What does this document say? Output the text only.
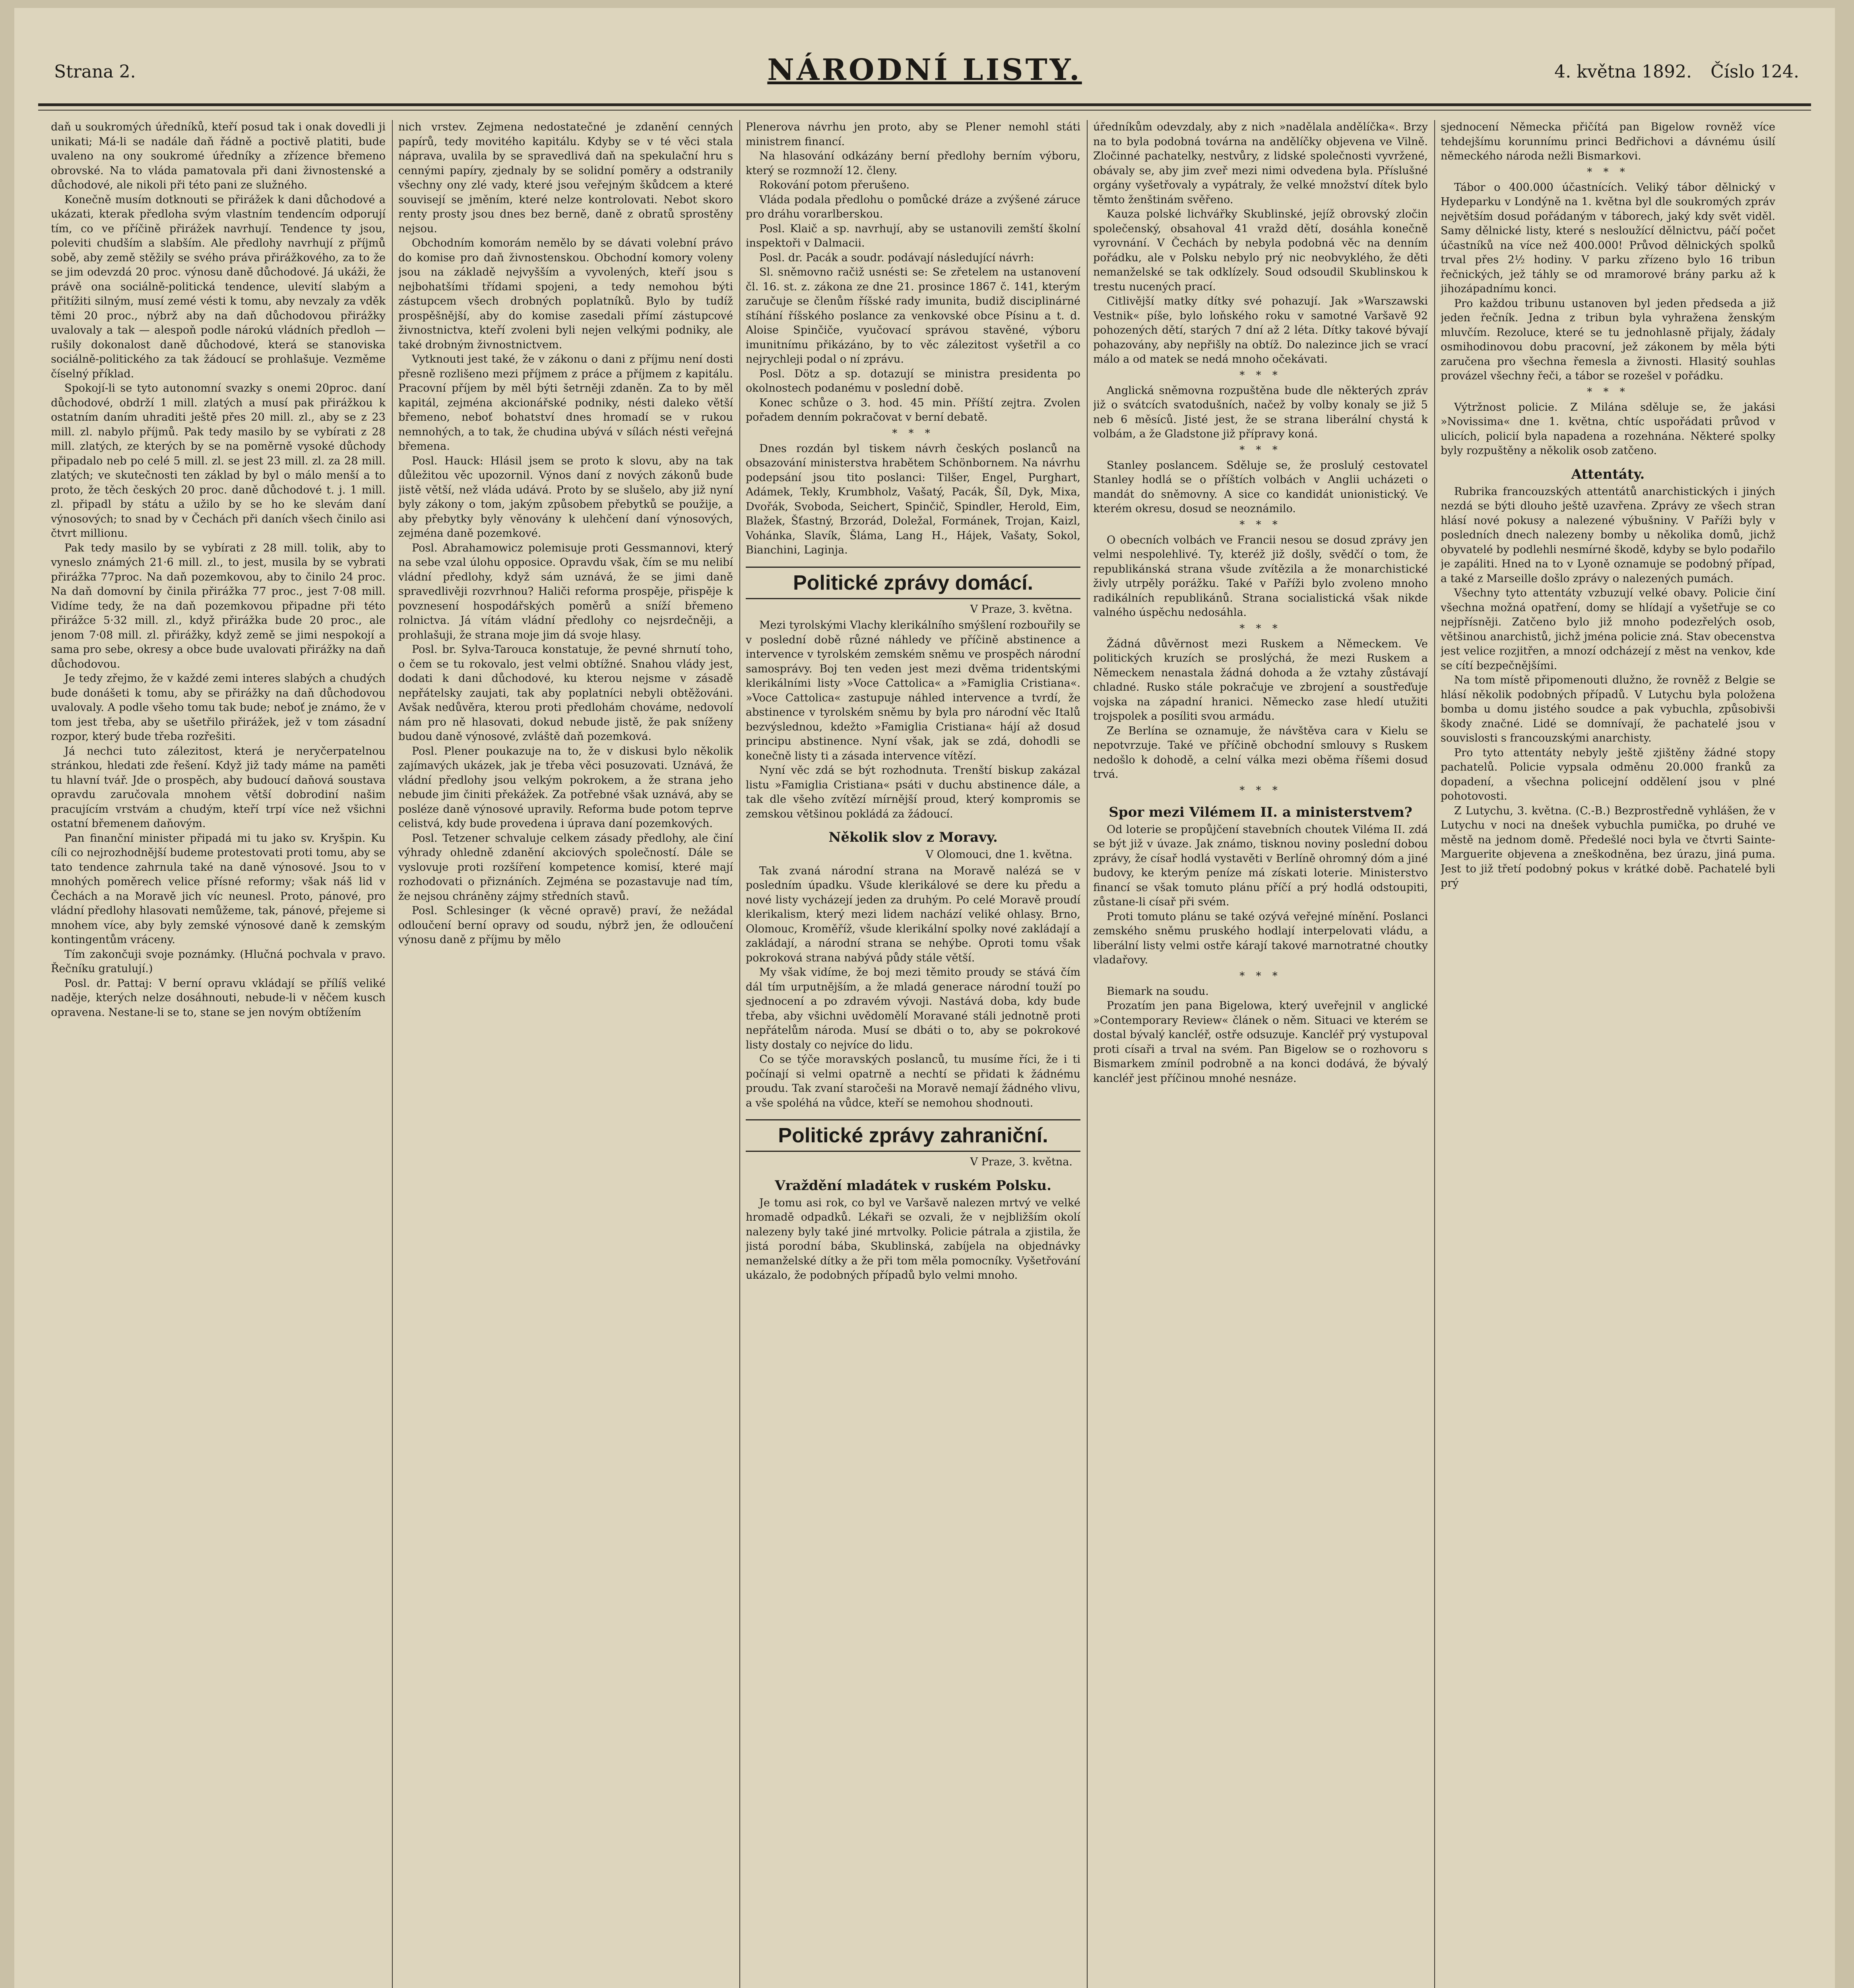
Strana 2.	NÁRODNÍ LISTY.	4. května 1892. Číslo 124.

daň u soukromých úředníků, kteří posud tak i onak dovedli ji unikati; Má-li se nadále daň řádně a poctivě platiti, bude uvaleno na ony soukromé úředníky a zřízence břemeno obrovské. Na to vláda pamatovala při dani živnostenské a důchodové, ale nikoli při této pani ze služného.

Konečně musím dotknouti se přirážek k dani důchodové a ukázati, kterak předloha svým vlastním tendencím odporují tím, co ve příčině přirážek navrhují. Tendence ty jsou, poleviti chudším a slabším. Ale předlohy navrhují z příjmů sobě, aby země stěžily se svého práva přirážkového, za to že se jim odevzdá 20 proc. výnosu daně důchodové. Já ukáži, že právě ona sociálně-politická tendence, ulevití slabým a přitížiti silným, musí zemé vésti k tomu, aby nevzaly za vděk těmi 20 proc., nýbrž aby na daň důchodovou přirážky uvalovaly a tak — alespoň podle nárokú vládních předloh — rušily dokonalost daně důchodové, která se stanoviska sociálně-politického za tak žádoucí se prohlašuje. Vezměme číselný příklad.

Spokojí-li se tyto autonomní svazky s onemi 20proc. daní důchodové, obdrží 1 mill. zlatých a musí pak přirážkou k ostatním daním uhraditi ještě přes 20 mill. zl., aby se z 23 mill. zl. nabylo příjmů. Pak tedy masilo by se vybírati z 28 mill. zlatých, ze kterých by se na poměrně vysoké důchody připadalo neb po celé 5 mill. zl. se jest 23 mill. zl. za 28 mill. zlatých; ve skutečnosti ten základ by byl o málo menší a to proto, že těch českých 20 proc. daně důchodové t. j. 1 mill. zl. připadl by státu a užilo by se ho ke slevám daní výnosových; to snad by v Čechách při daních všech činilo asi čtvrt millionu.

Pak tedy masilo by se vybírati z 28 mill. tolik, aby to vyneslo známých 21·6 mill. zl., to jest, musila by se vybrati přirážka 77proc. Na daň pozemkovou, aby to činilo 24 proc. Na daň domovní by činila přirážka 77 proc., jest 7·08 mill. Vidíme tedy, že na daň pozemkovou připadne při této přirážce 5·32 mill. zl., když přirážka bude 20 proc., ale jenom 7·08 mill. zl. přirážky, když země se jimi nespokojí a sama pro sebe, okresy a obce bude uvalovati přirážky na daň důchodovou.

Je tedy zřejmo, že v každé zemi interes slabých a chudých bude donášeti k tomu, aby se přirážky na daň důchodovou uvalovaly. A podle všeho tomu tak bude; neboť je známo, že v tom jest třeba, aby se ušetřilo přirážek, jež v tom zásadní rozpor, který bude třeba rozřešiti.

Já nechci tuto zálezitost, která je neryčerpatelnou stránkou, hledati zde řešení. Když již tady máme na paměti tu hlavní tvář. Jde o prospěch, aby budoucí daňová soustava opravdu zaručovala mnohem větší dobrodiní našim pracujícím vrstvám a chudým, kteří trpí více než všichni ostatní břemenem daňovým.

Pan finanční minister připadá mi tu jako sv. Kryšpin. Ku cíli co nejrozhodnější budeme protestovati proti tomu, aby se tato tendence zahrnula také na daně výnosové. Jsou to v mnohých poměrech velice přísné reformy; však náš lid v Čechách a na Moravě jich víc neunesl. Proto, pánové, pro vládní předlohy hlasovati nemůžeme, tak, pánové, přejeme si mnohem více, aby byly zemské výnosové daně k zemským kontingentům vráceny.

Tím zakončuji svoje poznámky. (Hlučná pochvala v pravo. Řečníku gratulují.)

Posl. dr. Pattaj: V berní opravu vkládají se přílíš veliké naděje, kterých nelze dosáhnouti, nebude-li v něčem kusch opravena. Nestane-li se to, stane se jen novým obtížením

nich vrstev. Zejmena nedostatečné je zdanění cenných papírů, tedy movitého kapitálu. Kdyby se v té věci stala náprava, uvalila by se spravedlivá daň na spekulační hru s cennými papíry, zjednaly by se solidní poměry a odstranily všechny ony zlé vady, které jsou veřejným škůdcem a které souvisejí se jměním, které nelze kontrolovati. Nebot skoro renty prosty jsou dnes bez berně, daně z obratů sprostěny nejsou.

Obchodním komorám nemělo by se dávati volební právo do komise pro daň živnostenskou. Obchodní komory voleny jsou na základě nejvyšším a vyvolených, kteří jsou s nejbohatšími třídami spojeni, a tedy nemohou býti zástupcem všech drobných poplatníků. Bylo by tudíž prospěšnější, aby do komise zasedali přímí zástupcové živnostnictva, kteří zvoleni byli nejen velkými podniky, ale také drobným živnostnictvem.

Vytknouti jest také, že v zákonu o dani z příjmu není dosti přesně rozlišeno mezi příjmem z práce a příjmem z kapitálu. Pracovní příjem by měl býti šetrněji zdaněn. Za to by měl kapitál, zejména akcionářské podniky, nésti daleko větší břemeno, neboť bohatství dnes hromadí se v rukou nemnohých, a to tak, že chudina ubývá v sílách nésti veřejná břemena.

Posl. Hauck: Hlásil jsem se proto k slovu, aby na tak důležitou věc upozornil. Výnos daní z nových zákonů bude jistě větší, než vláda udává. Proto by se slušelo, aby již nyní byly zákony o tom, jakým způsobem přebytků se použije, a aby přebytky byly věnovány k ulehčení daní výnosových, zejména daně pozemkové.

Posl. Abrahamowicz polemisuje proti Gessmannovi, který na sebe vzal úlohu opposice. Opravdu však, čím se mu nelibí vládní předlohy, když sám uznává, že se jimi daně spravedlivěji rozvrhnou? Haliči reforma prospěje, přispěje k povznesení hospodářských poměrů a sníží břemeno rolnictva. Já vítám vládní předlohy co nejsrdečněji, a prohlašuji, že strana moje jim dá svoje hlasy.

Posl. br. Sylva-Tarouca konstatuje, že pevné shrnutí toho, o čem se tu rokovalo, jest velmi obtížné. Snahou vlády jest, dodati k dani důchodové, ku kterou nejsme v zásadě nepřátelsky zaujati, tak aby poplatníci nebyli obtěžováni. Avšak nedůvěra, kterou proti předlohám chováme, nedovolí nám pro ně hlasovati, dokud nebude jistě, že pak sníženy budou daně výnosové, zvláště daň pozemková.

Posl. Plener poukazuje na to, že v diskusi bylo několik zajímavých ukázek, jak je třeba věci posuzovati. Uznává, že vládní předlohy jsou velkým pokrokem, a že strana jeho nebude jim činiti překážek. Za potřebné však uznává, aby se posléze daně výnosové upravily. Reforma bude potom teprve celistvá, kdy bude provedena i úprava daní pozemkových.

Posl. Tetzener schvaluje celkem zásady předlohy, ale činí výhrady ohledně zdanění akciových společností. Dále se vyslovuje proti rozšíření kompetence komisí, které mají rozhodovati o přiznáních. Zejména se pozastavuje nad tím, že nejsou chráněny zájmy středních stavů.

Posl. Schlesinger (k věcné opravě) praví, že nežádal odloučení berní opravy od soudu, nýbrž jen, že odloučení výnosu daně z příjmu by mělo

Plenerova návrhu jen proto, aby se Plener nemohl státi ministrem financí.

Na hlasování odkázány berní předlohy berním výboru, který se rozmnoží 12. členy.

Rokování potom přerušeno.

Vláda podala předlohu o pomůcké dráze a zvýšené záruce pro dráhu vorarlberskou.

Posl. Klaič a sp. navrhují, aby se ustanovili zemští školní inspektoři v Dalmacii.

Posl. dr. Pacák a soudr. podávají následující návrh:

Sl. sněmovno račiž usnésti se: Se zřetelem na ustanovení čl. 16. st. z. zákona ze dne 21. prosince 1867 č. 141, kterým zaručuje se členům říšské rady imunita, budiž disciplinárné stíhání říšského poslance za venkovské obce Písinu a t. d. Aloise Spinčiče, vyučovací správou stavěné, výboru imunitnímu přikázáno, by to věc zálezitost vyšetřil a co nejrychleji podal o ní zprávu.

Posl. Dötz a sp. dotazují se ministra presidenta po okolnostech podanému v poslední době.

Konec schůze o 3. hod. 45 min. Příští zejtra. Zvolen pořadem denním pokračovat v berní debatě.

* * *

Dnes rozdán byl tiskem návrh českých poslanců na obsazování ministerstva hrabětem Schönbornem. Na návrhu podepsání jsou tito poslanci: Tilšer, Engel, Purghart, Adámek, Tekly, Krumbholz, Vašatý, Pacák, Šíl, Dyk, Mixa, Dvořák, Svoboda, Seichert, Spinčič, Spindler, Herold, Eim, Blažek, Šťastný, Brzorád, Doležal, Formánek, Trojan, Kaizl, Vohánka, Slavík, Šláma, Lang H., Hájek, Vašaty, Sokol, Bianchini, Laginja.

Politické zprávy domácí.
V Praze, 3. května.

Mezi tyrolskými Vlachy klerikálního smýšlení rozbouřily se v poslední době různé náhledy ve příčině abstinence a intervence v tyrolském zemském sněmu ve prospěch národní samosprávy. Boj ten veden jest mezi dvěma tridentskými klerikálními listy »Voce Cattolica« a »Famiglia Cristiana«. »Voce Cattolica« zastupuje náhled intervence a tvrdí, že abstinence v tyrolském sněmu by byla pro národní věc Italů bezvýslednou, kdežto »Famiglia Cristiana« hájí až dosud principu abstinence. Nyní však, jak se zdá, dohodli se konečně listy ti a zásada intervence vítězí.

Nyní věc zdá se být rozhodnuta. Trenští biskup zakázal listu »Famiglia Cristiana« psáti v duchu abstinence dále, a tak dle všeho zvítězí mírnější proud, který kompromis se zemskou většinou pokládá za žádoucí.

Několik slov z Moravy.
V Olomouci, dne 1. května.

Tak zvaná národní strana na Moravě nalézá se v posledním úpadku. Všude klerikálové se dere ku předu a nové listy vycházejí jeden za druhým. Po celé Moravě proudí klerikalism, který mezi lidem nachází veliké ohlasy. Brno, Olomouc, Kroměříž, všude klerikální spolky nové zakládají a zakládají, a národní strana se nehýbe. Oproti tomu však pokroková strana nabývá půdy stále větší.

My však vidíme, že boj mezi těmito proudy se stává čím dál tím urputnějším, a že mladá generace národní touží po sjednocení a po zdravém vývoji. Nastává doba, kdy bude třeba, aby všichni uvědomělí Moravané stáli jednotně proti nepřátelům národa. Musí se dbáti o to, aby se pokrokové listy dostaly co nejvíce do lidu.

Co se týče moravských poslanců, tu musíme říci, že i ti počínají si velmi opatrně a nechtí se přidati k žádnému proudu. Tak zvaní staročeši na Moravě nemají žádného vlivu, a vše spoléhá na vůdce, kteří se nemohou shodnouti.

Politické zprávy zahraniční.
V Praze, 3. května.
Vraždění mladátek v ruském Polsku.

Je tomu asi rok, co byl ve Varšavě nalezen mrtvý ve velké hromadě odpadků. Lékaři se ozvali, že v nejbližším okolí nalezeny byly také jiné mrtvolky. Policie pátrala a zjistila, že jistá porodní bába, Skublinská, zabíjela na objednávky nemanželské dítky a že při tom měla pomocníky. Vyšetřování ukázalo, že podobných případů bylo velmi mnoho.

úředníkům odevzdaly, aby z nich »nadělala andělíčka«. Brzy na to byla podobná továrna na andělíčky objevena ve Vilně. Zločinné pachatelky, nestvůry, z lidské společnosti vyvržené, obávaly se, aby jim zveř mezi nimi odvedena byla. Příslušné orgány vyšetřovaly a vypátraly, že velké množství dítek bylo těmto ženštinám svěřeno.

Kauza polské lichvářky Skublinské, jejíž obrovský zločin společenský, obsahoval 41 vražd dětí, dosáhla konečně vyrovnání. V Čechách by nebyla podobná věc na denním pořádku, ale v Polsku nebylo prý nic neobvyklého, že děti nemanželské se tak odklízely. Soud odsoudil Skublinskou k trestu nucených prací.

Citlivější matky dítky své pohazují. Jak »Warszawski Vestnik« píše, bylo loňského roku v samotné Varšavě 92 pohozených dětí, starých 7 dní až 2 léta. Dítky takové bývají pohazovány, aby nepřišly na obtíž. Do nalezince jich se vrací málo a od matek se nedá mnoho očekávati.

* * *

Anglická sněmovna rozpuštěna bude dle některých zpráv již o svátcích svatodušních, načež by volby konaly se již 5 neb 6 měsíců. Jisté jest, že se strana liberální chystá k volbám, a že Gladstone již přípravy koná.

* * *

Stanley poslancem. Sděluje se, že proslulý cestovatel Stanley hodlá se o příštích volbách v Anglii ucházeti o mandát do sněmovny. A sice co kandidát unionistický. Ve kterém okresu, dosud se neoznámilo.

* * *

O obecních volbách ve Francii nesou se dosud zprávy jen velmi nespolehlivé. Ty, kteréž již došly, svědčí o tom, že republikánská strana všude zvítězila a že monarchistické živly utrpěly porážku. Také v Paříži bylo zvoleno mnoho radikálních republikánů. Strana socialistická však nikde valného úspěchu nedosáhla.

* * *

Žádná důvěrnost mezi Ruskem a Německem. Ve politických kruzích se proslýchá, že mezi Ruskem a Německem nenastala žádná dohoda a že vztahy zůstávají chladné. Rusko stále pokračuje ve zbrojení a soustřeďuje vojska na západní hranici. Německo zase hledí utužiti trojspolek a posíliti svou armádu.

Ze Berlína se oznamuje, že návštěva cara v Kielu se nepotvrzuje. Také ve příčině obchodní smlouvy s Ruskem nedošlo k dohodě, a celní válka mezi oběma říšemi dosud trvá.

* * *
Spor mezi Vilémem II. a ministerstvem?

Od loterie se propůjčení stavebních choutek Viléma II. zdá se být již v úvaze. Jak známo, tisknou noviny poslední dobou zprávy, že císař hodlá vystavěti v Berlíně ohromný dóm a jiné budovy, ke kterým peníze má získati loterie. Ministerstvo financí se však tomuto plánu příčí a prý hodlá odstoupiti, zůstane-li císař při svém.

Proti tomuto plánu se také ozývá veřejné mínění. Poslanci zemského sněmu pruského hodlají interpelovati vládu, a liberální listy velmi ostře kárají takové marnotratné choutky vladařovy.

* * *

Biemark na soudu.

Prozatím jen pana Bigelowa, který uveřejnil v anglické »Contemporary Review« článek o něm. Situaci ve kterém se dostal bývalý kancléř, ostře odsuzuje. Kancléř prý vystupoval proti císaři a trval na svém. Pan Bigelow se o rozhovoru s Bismarkem zmínil podrobně a na konci dodává, že bývalý kancléř jest příčinou mnohé nesnáze.

sjednocení Německa přičítá pan Bigelow rovněž více tehdejšímu korunnímu princi Bedřichovi a dávnému úsilí německého národa nežli Bismarkovi.

* * *

Tábor o 400.000 účastnících. Veliký tábor dělnický v Hydeparku v Londýně na 1. května byl dle soukromých zpráv největším dosud pořádaným v táborech, jaký kdy svět viděl. Samy dělnické listy, které s nesloužící dělnictvu, páčí počet účastníků na více než 400.000! Průvod dělnických spolků trval přes 2½ hodiny. V parku zřízeno bylo 16 tribun řečnických, jež táhly se od mramorové brány parku až k jihozápadnímu konci.

Pro každou tribunu ustanoven byl jeden předseda a již jeden řečník. Jedna z tribun byla vyhražena ženským mluvčím. Rezoluce, které se tu jednohlasně přijaly, žádaly osmihodinovou dobu pracovní, jež zákonem by měla býti zaručena pro všechna řemesla a živnosti. Hlasitý souhlas provázel všechny řeči, a tábor se rozešel v pořádku.

* * *

Výtržnost policie. Z Milána sděluje se, že jakási »Novissima« dne 1. května, chtíc uspořádati průvod v ulicích, policií byla napadena a rozehnána. Některé spolky byly rozpuštěny a několik osob zatčeno.

Attentáty.

Rubrika francouzských attentátů anarchistických i jiných nezdá se býti dlouho ještě uzavřena. Zprávy ze všech stran hlásí nové pokusy a nalezené výbušniny. V Paříži byly v posledních dnech nalezeny bomby u několika domů, jichž obyvatelé by podlehli nesmírné škodě, kdyby se bylo podařilo je zapáliti. Hned na to v Lyoně oznamuje se podobný případ, a také z Marseille došlo zprávy o nalezených pumách.

Všechny tyto attentáty vzbuzují velké obavy. Policie činí všechna možná opatření, domy se hlídají a vyšetřuje se co nejpřísněji. Zatčeno bylo již mnoho podezřelých osob, většinou anarchistů, jichž jména policie zná. Stav obecenstva jest velice rozjitřen, a mnozí odcházejí z měst na venkov, kde se cítí bezpečnějšími.

Na tom místě připomenouti dlužno, že rovněž z Belgie se hlásí několik podobných případů. V Lutychu byla položena bomba u domu jistého soudce a pak vybuchla, způsobivši škody značné. Lidé se domnívají, že pachatelé jsou v souvislosti s francouzskými anarchisty.

Pro tyto attentáty nebyly ještě zjištěny žádné stopy pachatelů. Policie vypsala odměnu 20.000 franků za dopadení, a všechna policejní oddělení jsou v plné pohotovosti.

Z Lutychu, 3. května. (C.-B.) Bezprostředně vyhlášen, že v Lutychu v noci na dnešek vybuchla pumička, po druhé ve městě na jednom domě. Předešlé noci byla ve čtvrti Sainte-Marguerite objevena a zneškodněna, bez úrazu, jiná puma. Jest to již třetí podobný pokus v krátké době. Pachatelé byli prý
